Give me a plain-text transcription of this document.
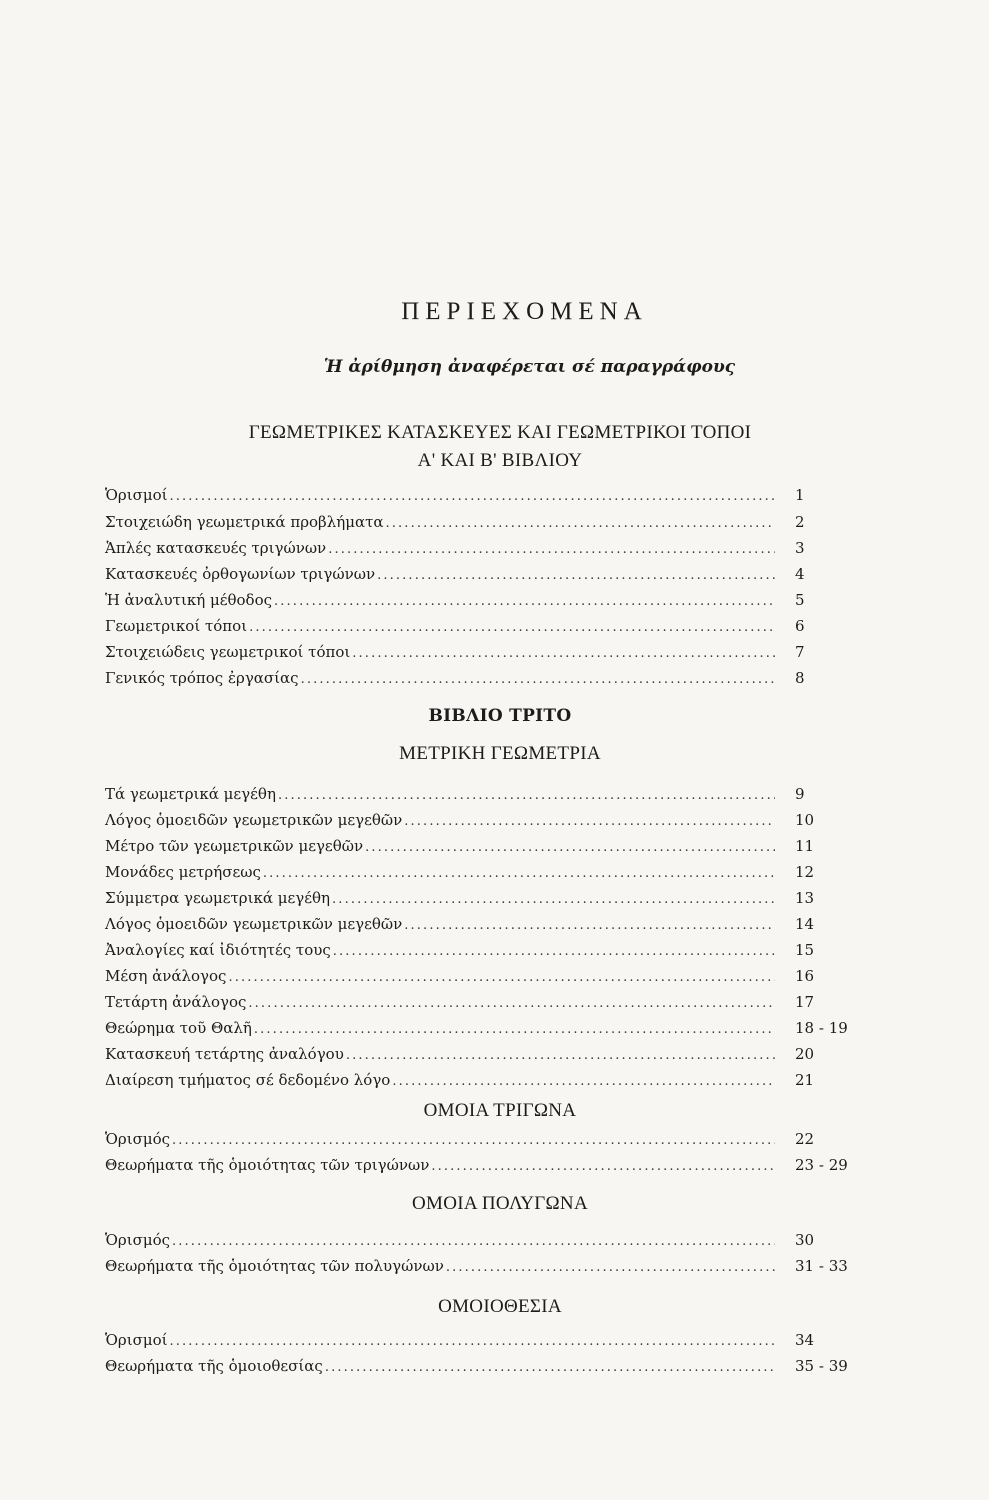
ΠΕΡΙΕΧΟΜΕΝΑ
Ἡ ἀρίθμηση ἀναφέρεται σέ παραγράφους
ΓΕΩΜΕΤΡΙΚΕΣ ΚΑΤΑΣΚΕΥΕΣ ΚΑΙ ΓΕΩΜΕΤΡΙΚΟΙ ΤΟΠΟΙ
Α' ΚΑΙ Β' ΒΙΒΛΙΟΥ
Ὁρισμοί . . .	1
Στοιχειώδη γεωμετρικά προβλήματα . . .	2
Ἁπλές κατασκευές τριγώνων . . .	3
Κατασκευές ὀρθογωνίων τριγώνων . . .	4
Ἡ ἀναλυτική μέθοδος . . .	5
Γεωμετρικοί τόποι . . .	6
Στοιχειώδεις γεωμετρικοί τόποι . . .	7
Γενικός τρόπος ἐργασίας . . .	8
ΒΙΒΛΙΟ ΤΡΙΤΟ
ΜΕΤΡΙΚΗ ΓΕΩΜΕΤΡΙΑ
Τά γεωμετρικά μεγέθη . . .	9
Λόγος ὁμοειδῶν γεωμετρικῶν μεγεθῶν . . .	10
Μέτρο τῶν γεωμετρικῶν μεγεθῶν . . .	11
Μονάδες μετρήσεως . . .	12
Σύμμετρα γεωμετρικά μεγέθη . . .	13
Λόγος ὁμοειδῶν γεωμετρικῶν μεγεθῶν . . .	14
Ἀναλογίες καί ἰδιότητές τους . . .	15
Μέση ἀνάλογος . . .	16
Τετάρτη ἀνάλογος . . .	17
Θεώρημα τοῦ Θαλῆ . . .	18 - 19
Κατασκευή τετάρτης ἀναλόγου . . .	20
Διαίρεση τμήματος σέ δεδομένο λόγο . . .	21
ΟΜΟΙΑ ΤΡΙΓΩΝΑ
Ὁρισμός . . .	22
Θεωρήματα τῆς ὁμοιότητας τῶν τριγώνων . . .	23 - 29
ΟΜΟΙΑ ΠΟΛΥΓΩΝΑ
Ὁρισμός . . .	30
Θεωρήματα τῆς ὁμοιότητας τῶν πολυγώνων . . .	31 - 33
ΟΜΟΙΟΘΕΣΙΑ
Ὁρισμοί . . .	34
Θεωρήματα τῆς ὁμοιοθεσίας . . .	35 - 39
